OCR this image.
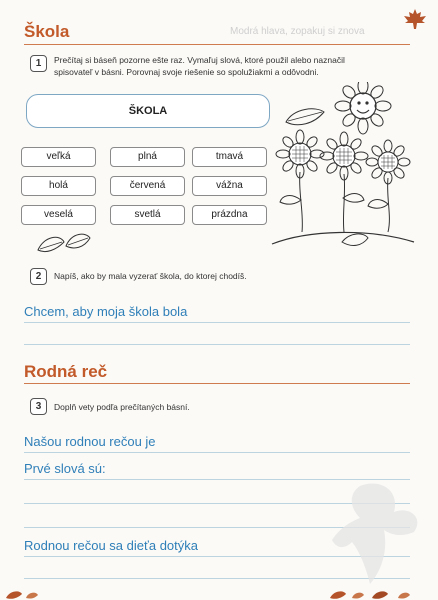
Modrá hlava, zopakuj si znova
Škola
1	Prečítaj si báseň pozorne ešte raz. Vymaľuj slová, ktoré použil alebo naznačil spisovateľ v básni. Porovnaj svoje riešenie so spolužiakmi a odôvodni.
ŠKOLA
veľká	plná	tmavá
holá	červená	vážna
veselá	svetlá	prázdna
2	Napíš, ako by mala vyzerať škola, do ktorej chodíš.
Chcem, aby moja škola bola
Rodná reč
3	Doplň vety podľa prečítaných básní.
Našou rodnou rečou je
Prvé slová sú:
Rodnou rečou sa dieťa dotýka
